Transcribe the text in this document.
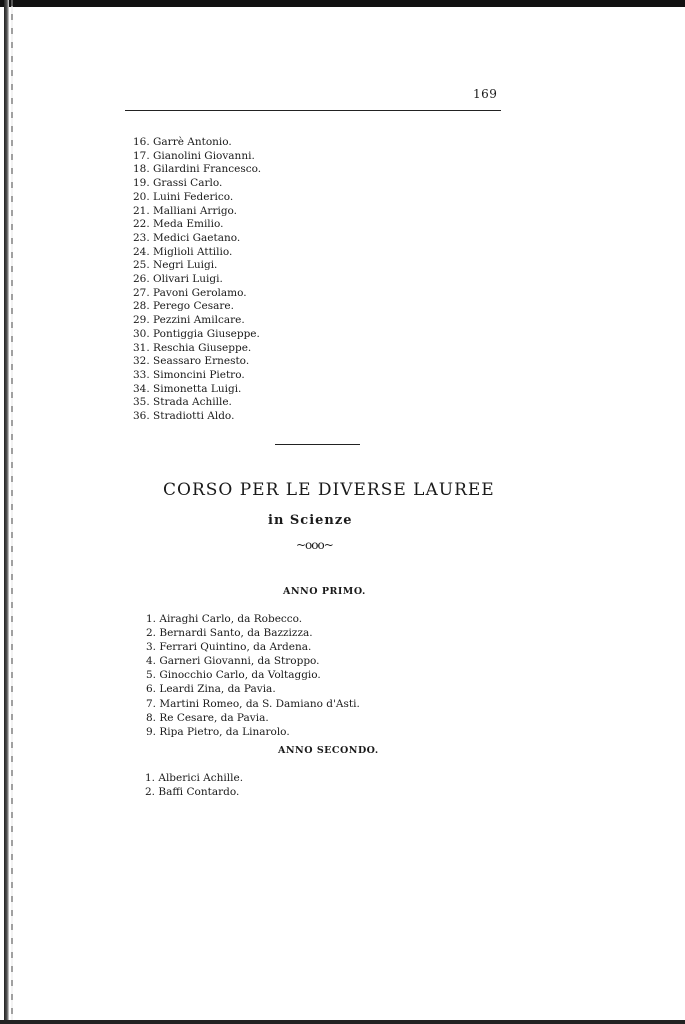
169
16. Garrè Antonio.
17. Gianolini Giovanni.
18. Gilardini Francesco.
19. Grassi Carlo.
20. Luini Federico.
21. Malliani Arrigo.
22. Meda Emilio.
23. Medici Gaetano.
24. Miglioli Attilio.
25. Negri Luigi.
26. Olivari Luigi.
27. Pavoni Gerolamo.
28. Perego Cesare.
29. Pezzini Amilcare.
30. Pontiggia Giuseppe.
31. Reschia Giuseppe.
32. Seassaro Ernesto.
33. Simoncini Pietro.
34. Simonetta Luigi.
35. Strada Achille.
36. Stradiotti Aldo.
CORSO PER LE DIVERSE LAUREE
in Scienze
~ooo~
ANNO PRIMO.
1. Airaghi Carlo, da Robecco.
2. Bernardi Santo, da Bazzizza.
3. Ferrari Quintino, da Ardena.
4. Garneri Giovanni, da Stroppo.
5. Ginocchio Carlo, da Voltaggio.
6. Leardi Zina, da Pavia.
7. Martini Romeo, da S. Damiano d'Asti.
8. Re Cesare, da Pavia.
9. Ripa Pietro, da Linarolo.
ANNO SECONDO.
1. Alberici Achille.
2. Baffi Contardo.
